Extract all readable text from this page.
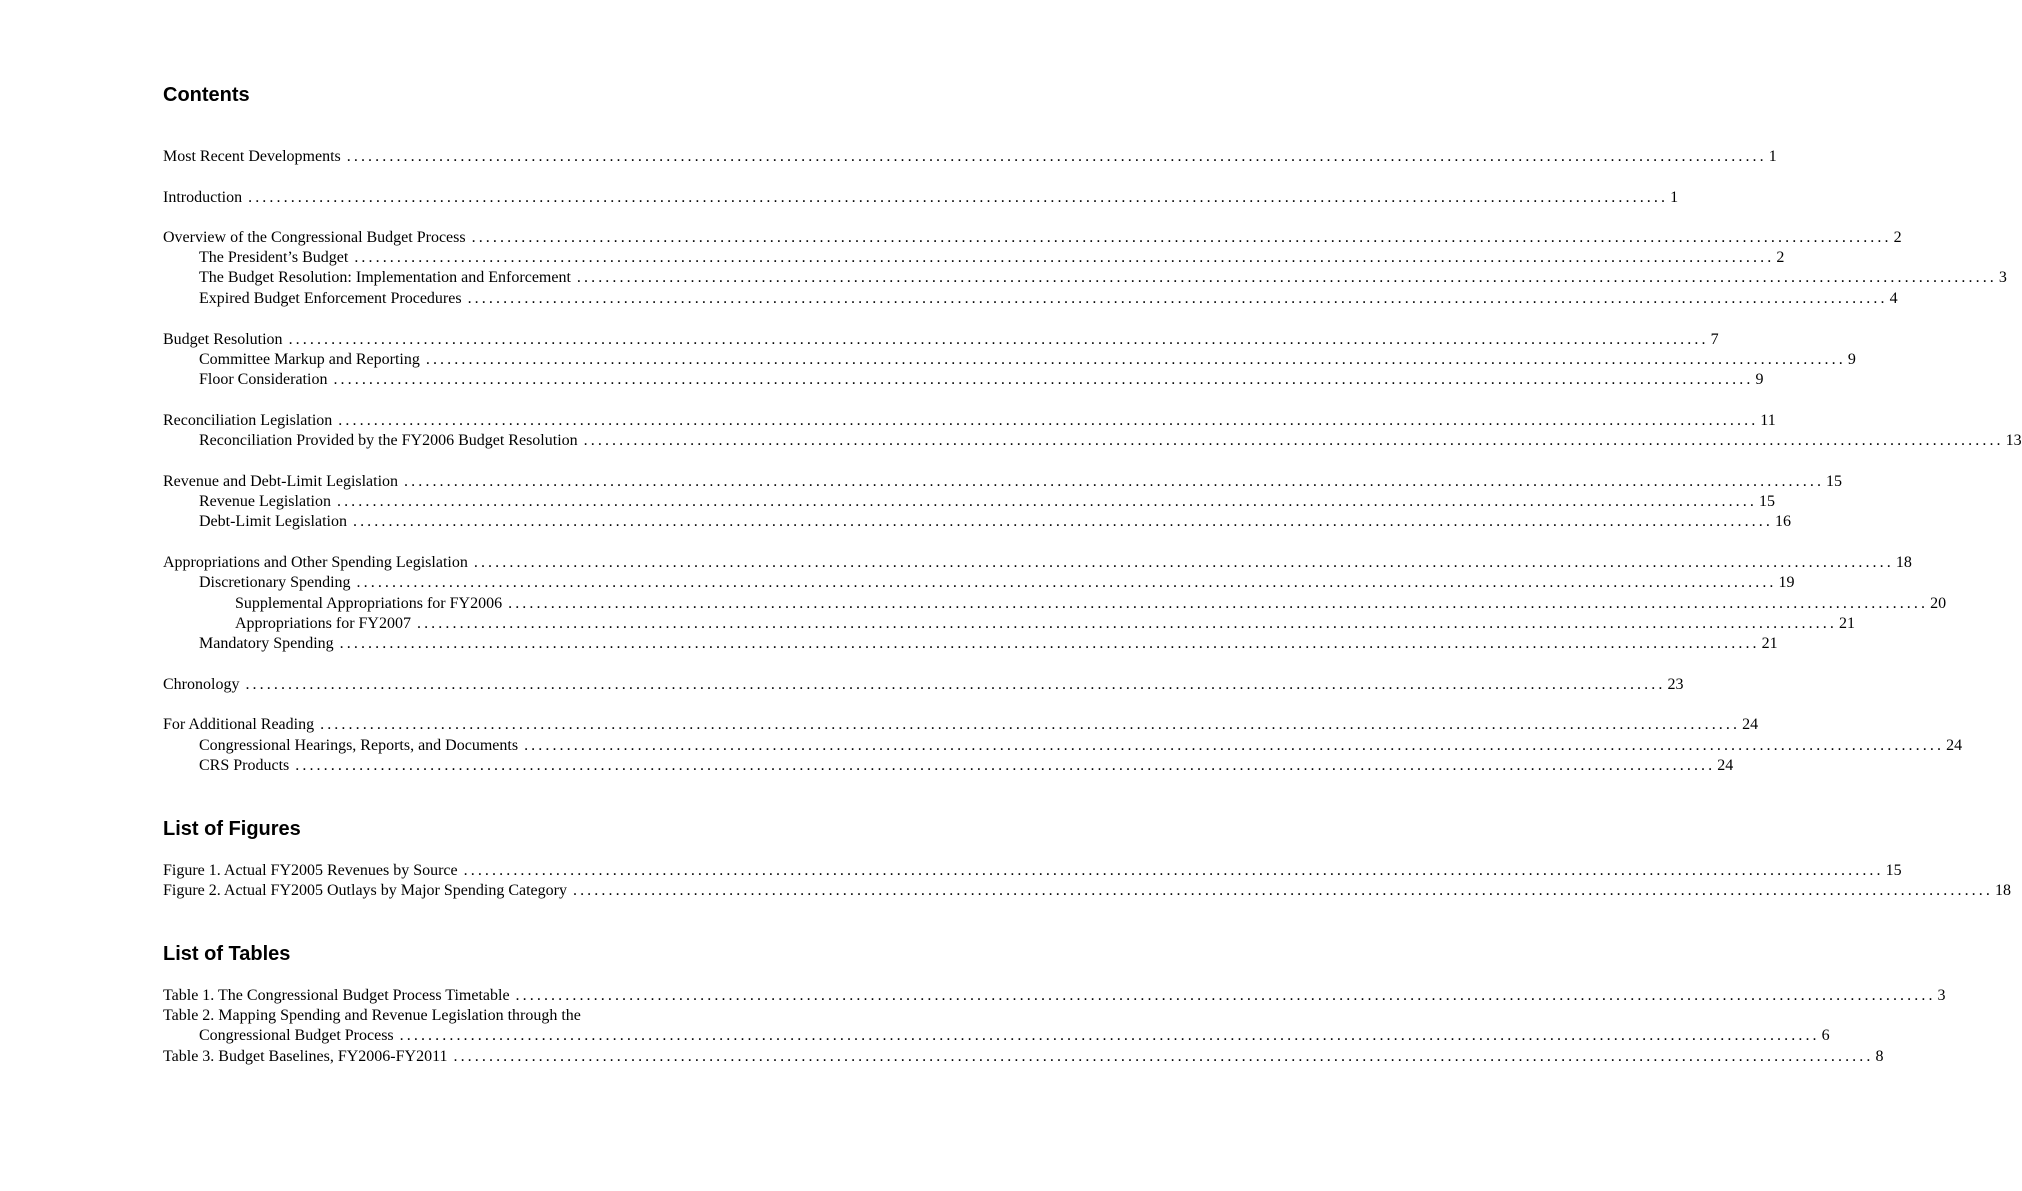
Contents
Most Recent Developments ........................................................................................................................................................................................................ 1
Introduction ........................................................................................................................................................................................................ 1
Overview of the Congressional Budget Process ........................................................................................................................................................................................................ 2
The President’s Budget ........................................................................................................................................................................................................ 2
The Budget Resolution: Implementation and Enforcement ........................................................................................................................................................................................................ 3
Expired Budget Enforcement Procedures ........................................................................................................................................................................................................ 4
Budget Resolution ........................................................................................................................................................................................................ 7
Committee Markup and Reporting ........................................................................................................................................................................................................ 9
Floor Consideration ........................................................................................................................................................................................................ 9
Reconciliation Legislation ........................................................................................................................................................................................................ 11
Reconciliation Provided by the FY2006 Budget Resolution ........................................................................................................................................................................................................ 13
Revenue and Debt-Limit Legislation ........................................................................................................................................................................................................ 15
Revenue Legislation ........................................................................................................................................................................................................ 15
Debt-Limit Legislation ........................................................................................................................................................................................................ 16
Appropriations and Other Spending Legislation ........................................................................................................................................................................................................ 18
Discretionary Spending ........................................................................................................................................................................................................ 19
Supplemental Appropriations for FY2006 ........................................................................................................................................................................................................ 20
Appropriations for FY2007 ........................................................................................................................................................................................................ 21
Mandatory Spending ........................................................................................................................................................................................................ 21
Chronology ........................................................................................................................................................................................................ 23
For Additional Reading ........................................................................................................................................................................................................ 24
Congressional Hearings, Reports, and Documents ........................................................................................................................................................................................................ 24
CRS Products ........................................................................................................................................................................................................ 24
List of Figures
Figure 1. Actual FY2005 Revenues by Source ........................................................................................................................................................................................................ 15
Figure 2. Actual FY2005 Outlays by Major Spending Category ........................................................................................................................................................................................................ 18
List of Tables
Table 1. The Congressional Budget Process Timetable ........................................................................................................................................................................................................ 3
Table 2. Mapping Spending and Revenue Legislation through the
Congressional Budget Process ........................................................................................................................................................................................................ 6
Table 3. Budget Baselines, FY2006-FY2011 ........................................................................................................................................................................................................ 8
